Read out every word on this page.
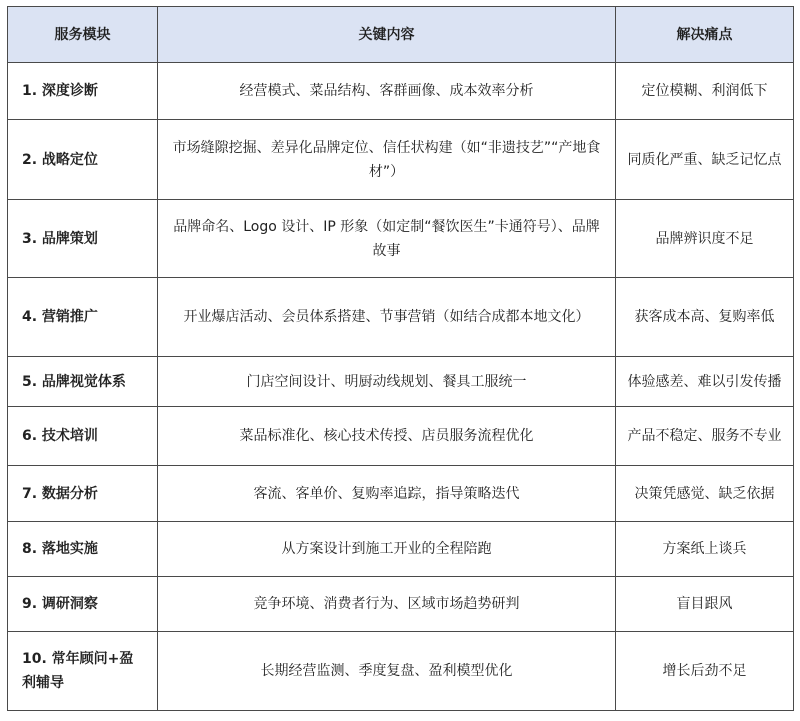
服务模块	关键内容	解决痛点
1. 深度诊断	经营模式、菜品结构、客群画像、成本效率分析	定位模糊、利润低下
2. 战略定位	市场缝隙挖掘、差异化品牌定位、信任状构建（如“非遗技艺”“产地食材”）	同质化严重、缺乏记忆点
3. 品牌策划	品牌命名、Logo 设计、IP 形象（如定制“餐饮医生”卡通符号）、品牌故事	品牌辨识度不足
4. 营销推广	开业爆店活动、会员体系搭建、节事营销（如结合成都本地文化）	获客成本高、复购率低
5. 品牌视觉体系	门店空间设计、明厨动线规划、餐具工服统一	体验感差、难以引发传播
6. 技术培训	菜品标准化、核心技术传授、店员服务流程优化	产品不稳定、服务不专业
7. 数据分析	客流、客单价、复购率追踪，指导策略迭代	决策凭感觉、缺乏依据
8. 落地实施	从方案设计到施工开业的全程陪跑	方案纸上谈兵
9. 调研洞察	竞争环境、消费者行为、区域市场趋势研判	盲目跟风
10. 常年顾问+盈利辅导	长期经营监测、季度复盘、盈利模型优化	增长后劲不足
